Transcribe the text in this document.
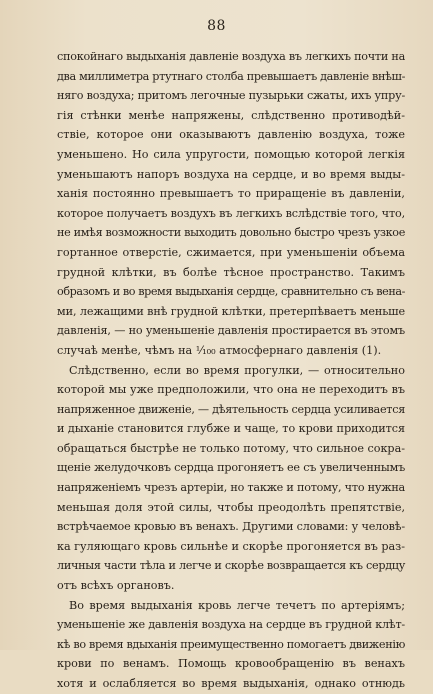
88
спокойнаго выдыханія давленіе воздуха въ легкихъ почти на
два миллиметра ртутнаго столба превышаетъ давленіе внѣш-
няго воздуха; притомъ легочные пузырьки сжаты, ихъ упру-
гія стѣнки менѣе напряжены, слѣдственно противодѣй-
ствіе, которое они оказываютъ давленію воздуха, тоже
уменьшено. Но сила упругости, помощью которой легкія
уменьшаютъ напоръ воздуха на сердце, и во время выды-
ханія постоянно превышаетъ то приращеніе въ давленіи,
которое получаетъ воздухъ въ легкихъ вслѣдствіе того, что,
не имѣя возможности выходить довольно быстро чрезъ узкое
гортанное отверстіе, сжимается, при уменьшеніи объема
грудной клѣтки, въ болѣе тѣсное пространство. Такимъ
образомъ и во время выдыханія сердце, сравнительно съ вена-
ми, лежащими внѣ грудной клѣтки, претерпѣваетъ меньше
давленія, — но уменьшеніе давленія простирается въ этомъ
случаѣ менѣе, чѣмъ на ¹⁄₁₀₀ атмосфернаго давленія (1).
Слѣдственно, если во время прогулки, — относительно
которой мы уже предположили, что она не переходитъ въ
напряженное движеніе, — дѣятельность сердца усиливается
и дыханіе становится глубже и чаще, то крови приходится
обращаться быстрѣе не только потому, что сильное сокра-
щеніе желудочковъ сердца прогоняетъ ее съ увеличеннымъ
напряженіемъ чрезъ артеріи, но также и потому, что нужна
меньшая доля этой силы, чтобы преодолѣть препятствіе,
встрѣчаемое кровью въ венахъ. Другими словами: у человѣ-
ка гуляющаго кровь сильнѣе и скорѣе прогоняется въ раз-
личныя части тѣла и легче и скорѣе возвращается къ сердцу
отъ всѣхъ органовъ.
Во время выдыханія кровь легче течетъ по артеріямъ;
уменьшеніе же давленія воздуха на сердце въ грудной клѣт-
кѣ во время вдыханія преимущественно помогаетъ движенію
крови по венамъ. Помощь кровообращенію въ венахъ
хотя и ослабляется во время выдыханія, однако отнюдь
